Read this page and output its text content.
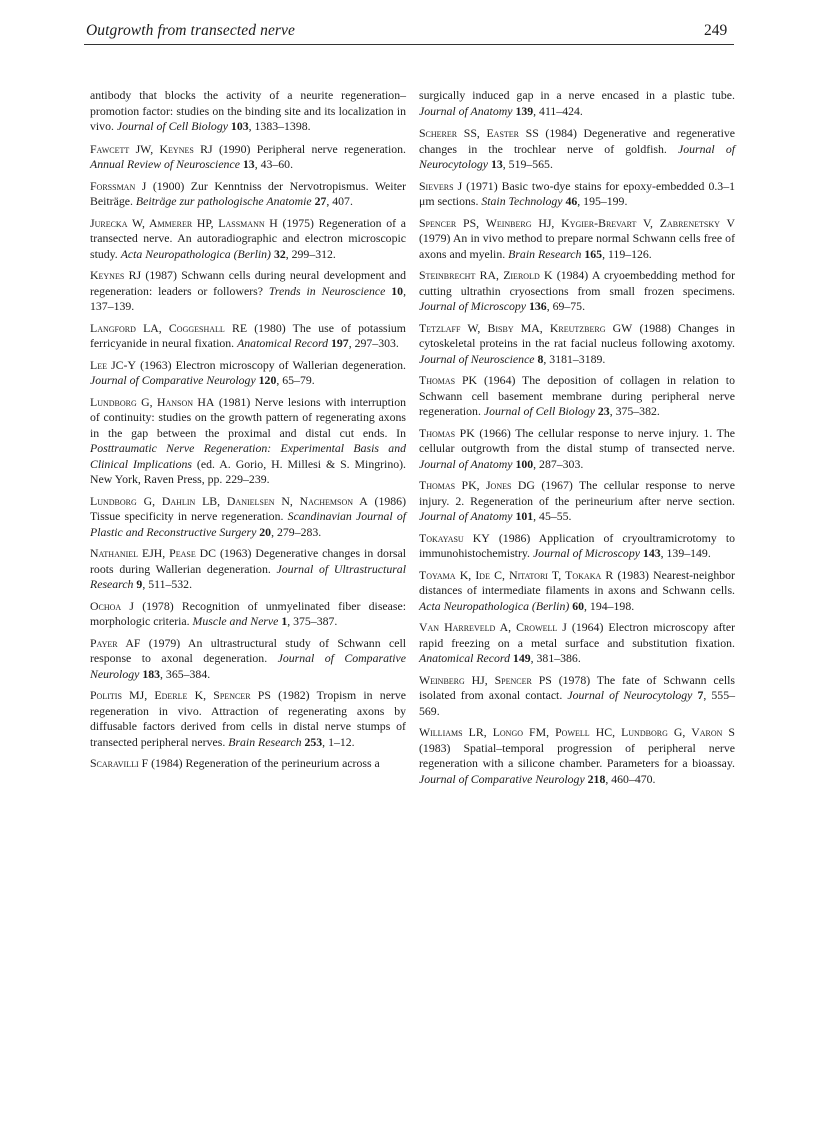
Outgrowth from transected nerve	249
antibody that blocks the activity of a neurite regeneration–promotion factor: studies on the binding site and its localization in vivo. Journal of Cell Biology 103, 1383–1398.
Fawcett JW, Keynes RJ (1990) Peripheral nerve regeneration. Annual Review of Neuroscience 13, 43–60.
Forssman J (1900) Zur Kenntniss der Nervotropismus. Weiter Beiträge. Beiträge zur pathologische Anatomie 27, 407.
Jurecka W, Ammerer HP, Lassmann H (1975) Regeneration of a transected nerve. An autoradiographic and electron microscopic study. Acta Neuropathologica (Berlin) 32, 299–312.
Keynes RJ (1987) Schwann cells during neural development and regeneration: leaders or followers? Trends in Neuroscience 10, 137–139.
Langford LA, Coggeshall RE (1980) The use of potassium ferricyanide in neural fixation. Anatomical Record 197, 297–303.
Lee JC-Y (1963) Electron microscopy of Wallerian degeneration. Journal of Comparative Neurology 120, 65–79.
Lundborg G, Hanson HA (1981) Nerve lesions with interruption of continuity: studies on the growth pattern of regenerating axons in the gap between the proximal and distal cut ends. In Posttraumatic Nerve Regeneration: Experimental Basis and Clinical Implications (ed. A. Gorio, H. Millesi & S. Mingrino). New York, Raven Press, pp. 229–239.
Lundborg G, Dahlin LB, Danielsen N, Nachemson A (1986) Tissue specificity in nerve regeneration. Scandinavian Journal of Plastic and Reconstructive Surgery 20, 279–283.
Nathaniel EJH, Pease DC (1963) Degenerative changes in dorsal roots during Wallerian degeneration. Journal of Ultrastructural Research 9, 511–532.
Ochoa J (1978) Recognition of unmyelinated fiber disease: morphologic criteria. Muscle and Nerve 1, 375–387.
Payer AF (1979) An ultrastructural study of Schwann cell response to axonal degeneration. Journal of Comparative Neurology 183, 365–384.
Politis MJ, Ederle K, Spencer PS (1982) Tropism in nerve regeneration in vivo. Attraction of regenerating axons by diffusable factors derived from cells in distal nerve stumps of transected peripheral nerves. Brain Research 253, 1–12.
Scaravilli F (1984) Regeneration of the perineurium across a
surgically induced gap in a nerve encased in a plastic tube. Journal of Anatomy 139, 411–424.
Scherer SS, Easter SS (1984) Degenerative and regenerative changes in the trochlear nerve of goldfish. Journal of Neurocytology 13, 519–565.
Sievers J (1971) Basic two-dye stains for epoxy-embedded 0.3–1 μm sections. Stain Technology 46, 195–199.
Spencer PS, Weinberg HJ, Kygier-Brevart V, Zabrenetsky V (1979) An in vivo method to prepare normal Schwann cells free of axons and myelin. Brain Research 165, 119–126.
Steinbrecht RA, Zierold K (1984) A cryoembedding method for cutting ultrathin cryosections from small frozen specimens. Journal of Microscopy 136, 69–75.
Tetzlaff W, Bisby MA, Kreutzberg GW (1988) Changes in cytoskeletal proteins in the rat facial nucleus following axotomy. Journal of Neuroscience 8, 3181–3189.
Thomas PK (1964) The deposition of collagen in relation to Schwann cell basement membrane during peripheral nerve regeneration. Journal of Cell Biology 23, 375–382.
Thomas PK (1966) The cellular response to nerve injury. 1. The cellular outgrowth from the distal stump of transected nerve. Journal of Anatomy 100, 287–303.
Thomas PK, Jones DG (1967) The cellular response to nerve injury. 2. Regeneration of the perineurium after nerve section. Journal of Anatomy 101, 45–55.
Tokayasu KY (1986) Application of cryoultramicrotomy to immunohistochemistry. Journal of Microscopy 143, 139–149.
Toyama K, Ide C, Nitatori T, Tokaka R (1983) Nearest-neighbor distances of intermediate filaments in axons and Schwann cells. Acta Neuropathologica (Berlin) 60, 194–198.
Van Harreveld A, Crowell J (1964) Electron microscopy after rapid freezing on a metal surface and substitution fixation. Anatomical Record 149, 381–386.
Weinberg HJ, Spencer PS (1978) The fate of Schwann cells isolated from axonal contact. Journal of Neurocytology 7, 555–569.
Williams LR, Longo FM, Powell HC, Lundborg G, Varon S (1983) Spatial–temporal progression of peripheral nerve regeneration with a silicone chamber. Parameters for a bioassay. Journal of Comparative Neurology 218, 460–470.
